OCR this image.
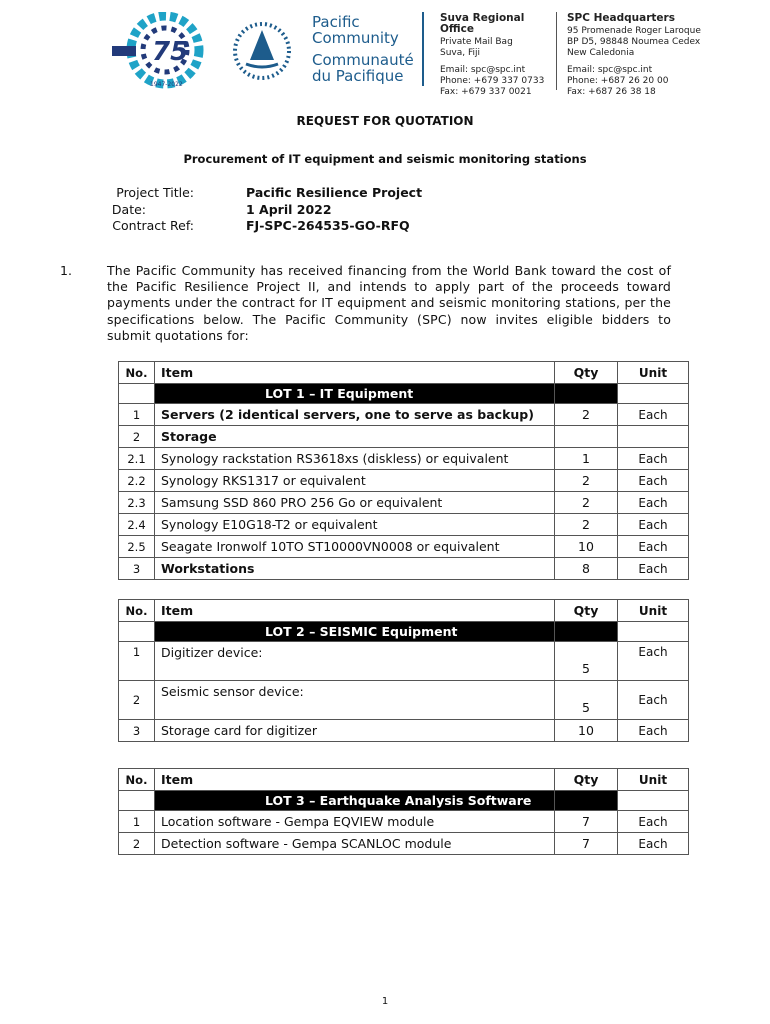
75
1947-2022
Pacific
Community
Communauté
du Pacifique
Suva Regional Office
Private Mail Bag
Suva, Fiji
Email: spc@spc.int
Phone: +679 337 0733
Fax: +679 337 0021
SPC Headquarters
95 Promenade Roger Laroque
BP D5, 98848 Noumea Cedex
New Caledonia
Email: spc@spc.int
Phone: +687 26 20 00
Fax: +687 26 38 18
REQUEST FOR QUOTATION
Procurement of IT equipment and seismic monitoring stations
Project Title:	Pacific Resilience Project
Date:	1 April 2022
Contract Ref:	FJ-SPC-264535-GO-RFQ
1.	The Pacific Community has received financing from the World Bank toward the cost of the Pacific Resilience Project II, and intends to apply part of the proceeds toward payments under the contract for IT equipment and seismic monitoring stations, per the specifications below. The Pacific Community (SPC) now invites eligible bidders to submit quotations for:
No.	Item	Qty	Unit
	LOT 1 – IT Equipment		
1	Servers (2 identical servers, one to serve as backup)	2	Each
2	Storage		
2.1	Synology rackstation RS3618xs (diskless) or equivalent	1	Each
2.2	Synology RKS1317 or equivalent	2	Each
2.3	Samsung SSD 860 PRO 256 Go or equivalent	2	Each
2.4	Synology E10G18-T2 or equivalent	2	Each
2.5	Seagate Ironwolf 10TO ST10000VN0008 or equivalent	10	Each
3	Workstations	8	Each
No.	Item	Qty	Unit
	LOT 2 – SEISMIC Equipment		
1	Digitizer device:	5	Each
2	Seismic sensor device:	5	Each
3	Storage card for digitizer	10	Each
No.	Item	Qty	Unit
	LOT 3 – Earthquake Analysis Software		
1	Location software - Gempa EQVIEW module	7	Each
2	Detection software - Gempa SCANLOC module	7	Each
1
